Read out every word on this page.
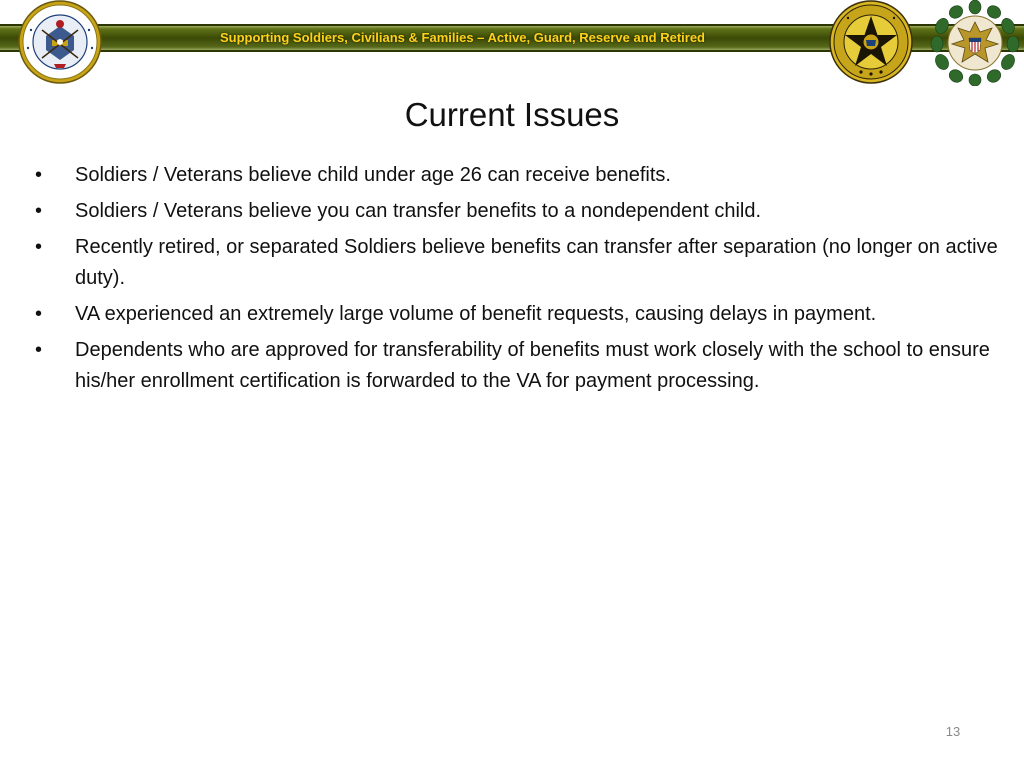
Supporting Soldiers, Civilians & Families – Active, Guard, Reserve and Retired
Current Issues
• Soldiers / Veterans believe child under age 26 can receive benefits.
• Soldiers / Veterans believe you can transfer benefits to a nondependent child.
• Recently retired, or separated Soldiers believe benefits can transfer after separation (no longer on active duty).
• VA experienced an extremely large volume of benefit requests, causing delays in payment.
• Dependents who are approved for transferability of benefits must work closely with the school to ensure his/her enrollment certification is forwarded to the VA for payment processing.
13
